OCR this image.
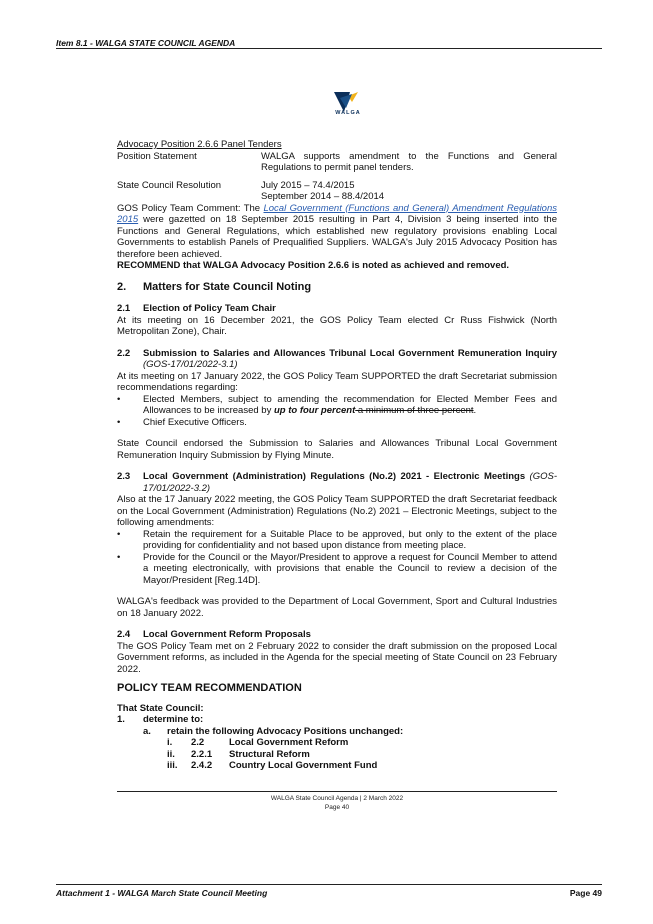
Item 8.1 - WALGA STATE COUNCIL AGENDA
WALGA

Advocacy Position 2.6.6 Panel Tenders

Position Statement	WALGA supports amendment to the Functions and General Regulations to permit panel tenders.
State Council Resolution	July 2015 – 74.4/2015
September 2014 – 88.4/2014

GOS Policy Team Comment: The Local Government (Functions and General) Amendment Regulations 2015 were gazetted on 18 September 2015 resulting in Part 4, Division 3 being inserted into the Functions and General Regulations, which established new regulatory provisions enabling Local Governments to establish Panels of Prequalified Suppliers. WALGA's July 2015 Advocacy Position has therefore been achieved.

RECOMMEND that WALGA Advocacy Position 2.6.6 is noted as achieved and removed.

2. Matters for State Council Noting

2.1 Election of Policy Team Chair

At its meeting on 16 December 2021, the GOS Policy Team elected Cr Russ Fishwick (North Metropolitan Zone), Chair.

2.2	Submission to Salaries and Allowances Tribunal Local Government Remuneration Inquiry (GOS-17/01/2022-3.1)

At its meeting on 17 January 2022, the GOS Policy Team SUPPORTED the draft Secretariat submission recommendations regarding:

• Elected Members, subject to amending the recommendation for Elected Member Fees and Allowances to be increased by up to four percent a minimum of three percent.
• Chief Executive Officers.

State Council endorsed the Submission to Salaries and Allowances Tribunal Local Government Remuneration Inquiry Submission by Flying Minute.

2.3	Local Government (Administration) Regulations (No.2) 2021 - Electronic Meetings (GOS-17/01/2022-3.2)

Also at the 17 January 2022 meeting, the GOS Policy Team SUPPORTED the draft Secretariat feedback on the Local Government (Administration) Regulations (No.2) 2021 – Electronic Meetings, subject to the following amendments:

• Retain the requirement for a Suitable Place to be approved, but only to the extent of the place providing for confidentiality and not based upon distance from meeting place.
• Provide for the Council or the Mayor/President to approve a request for Council Member to attend a meeting electronically, with provisions that enable the Council to review a decision of the Mayor/President [Reg.14D].

WALGA's feedback was provided to the Department of Local Government, Sport and Cultural Industries on 18 January 2022.

2.4 Local Government Reform Proposals

The GOS Policy Team met on 2 February 2022 to consider the draft submission on the proposed Local Government reforms, as included in the Agenda for the special meeting of State Council on 23 February 2022.

POLICY TEAM RECOMMENDATION

That State Council:

1.	determine to:
a.	retain the following Advocacy Positions unchanged:
i.	2.2	Local Government Reform
ii.	2.2.1	Structural Reform
iii.	2.4.2	Country Local Government Fund
WALGA State Council Agenda | 2 March 2022
Page 40
Attachment 1 - WALGA March State Council Meeting	Page 49
